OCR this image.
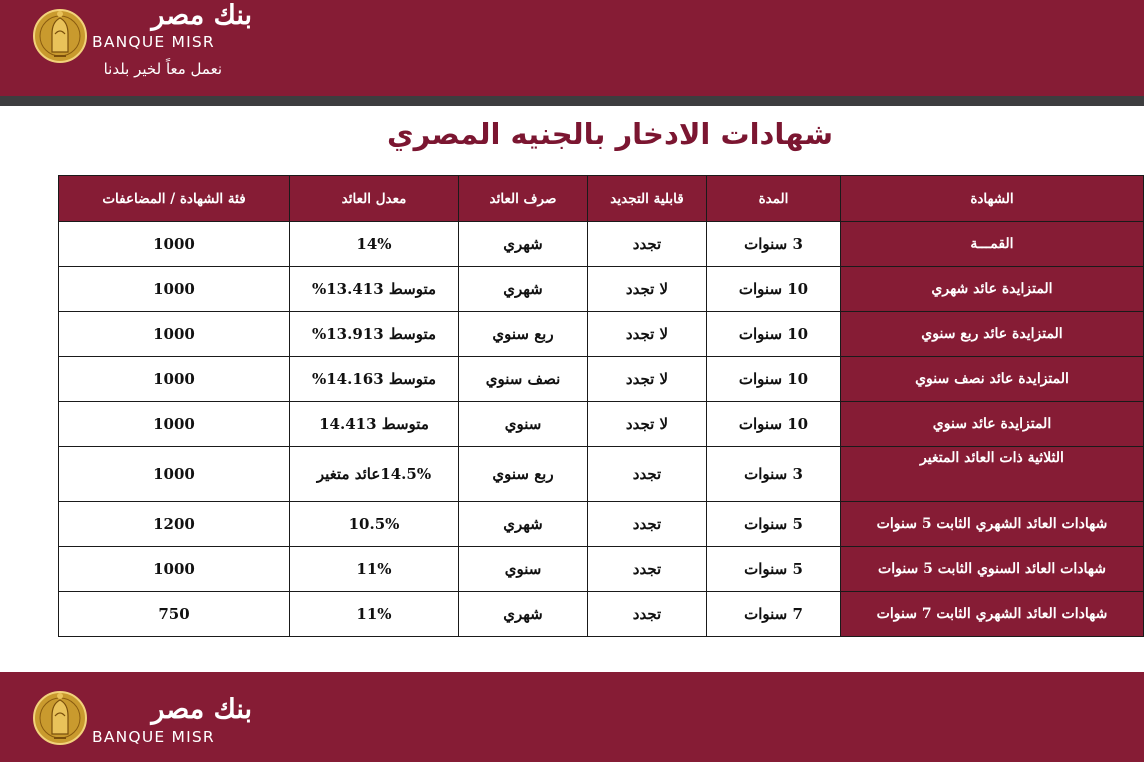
بنك مصر
BANQUE MISR
نعمل معاً لخير بلدنا
شهادات الادخار بالجنيه المصري
الشهادة	المدة	قابلية التجديد	صرف العائد	معدل العائد	فئة الشهادة / المضاعفات
القمـــة	3 سنوات	تجدد	شهري	14%	1000
المتزايدة عائد شهري	10 سنوات	لا تجدد	شهري	متوسط 13.413%	1000
المتزايدة عائد ربع سنوي	10 سنوات	لا تجدد	ربع سنوي	متوسط 13.913%	1000
المتزايدة عائد نصف سنوي	10 سنوات	لا تجدد	نصف سنوي	متوسط 14.163%	1000
المتزايدة عائد سنوي	10 سنوات	لا تجدد	سنوي	متوسط 14.413	1000
الثلاثية ذات العائد المتغير	3 سنوات	تجدد	ربع سنوي	14.5%عائد متغير	1000
شهادات العائد الشهري الثابت 5 سنوات	5 سنوات	تجدد	شهري	10.5%	1200
شهادات العائد السنوي الثابت 5 سنوات	5 سنوات	تجدد	سنوي	11%	1000
شهادات العائد الشهري الثابت 7 سنوات	7 سنوات	تجدد	شهري	11%	750
بنك مصر
BANQUE MISR
